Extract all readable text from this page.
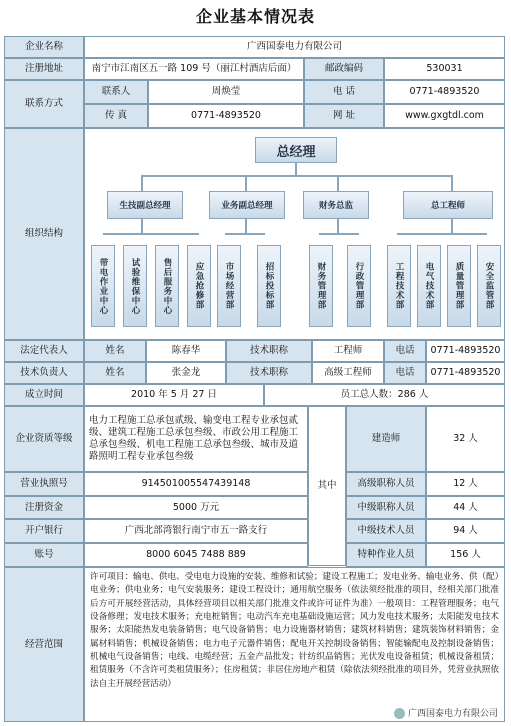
企业基本情况表
企业名称	广西国泰电力有限公司
注册地址	南宁市江南区五一路 109 号（丽江村酒店后面）	邮政编码	530031
联系方式
联系人	周焕莹	电 话	0771-4893520
传 真	0771-4893520	网 址	www.gxgtdl.com
组织结构
总经理
生技副总经理	业务副总经理	财务总监	总工程师
带电作业中心	试验维保中心	售后服务中心	应急抢修部	市场经营部	招标投标部	财务管理部	行政管理部	工程技术部	电气技术部	质量管理部	安全监管部
法定代表人	姓名	陈春华	技术职称	工程师	电话	0771-4893520
技术负责人	姓名	张金龙	技术职称	高级工程师	电话	0771-4893520
成立时间	2010 年 5 月 27 日	员工总人数：286 人
企业资质等级
电力工程施工总承包贰级、输变电工程专业承包贰级、建筑工程施工总承包叁级、市政公用工程施工总承包叁级、机电工程施工总承包叁级、城市及道路照明工程专业承包叁级
其中
建造师	32 人
营业执照号	914501005547439148	高级职称人员	12 人
注册资金	5000 万元	中级职称人员	44 人
开户银行	广西北部湾银行南宁市五一路支行	中级技术人员	94 人
账号	8000 6045 7488 889	特种作业人员	156 人
经营范围
许可项目：输电、供电、受电电力设施的安装、维修和试验；建设工程施工；发电业务、输电业务、供（配）电业务；供电业务；电气安装服务；建设工程设计；通用航空服务（依法须经批准的项目，经相关部门批准后方可开展经营活动，具体经营项目以相关部门批准文件或许可证件为准）一般项目：工程管理服务；电气设备修理；发电技术服务；充电桩销售；电动汽车充电基础设施运营；风力发电技术服务；太阳能发电技术服务；太阳能热发电装备销售；电气设备销售；电力设施器材销售；建筑材料销售；建筑装饰材料销售；金属材料销售；机械设备销售；电力电子元器件销售；配电开关控制设备销售；智能输配电及控制设备销售；机械电气设备销售；电线、电缆经营；五金产品批发；针纺织品销售；光伏发电设备租赁；机械设备租赁；租赁服务（不含许可类租赁服务）；住房租赁；非居住房地产租赁（除依法须经批准的项目外，凭营业执照依法自主开展经营活动）
广西国泰电力有限公司
